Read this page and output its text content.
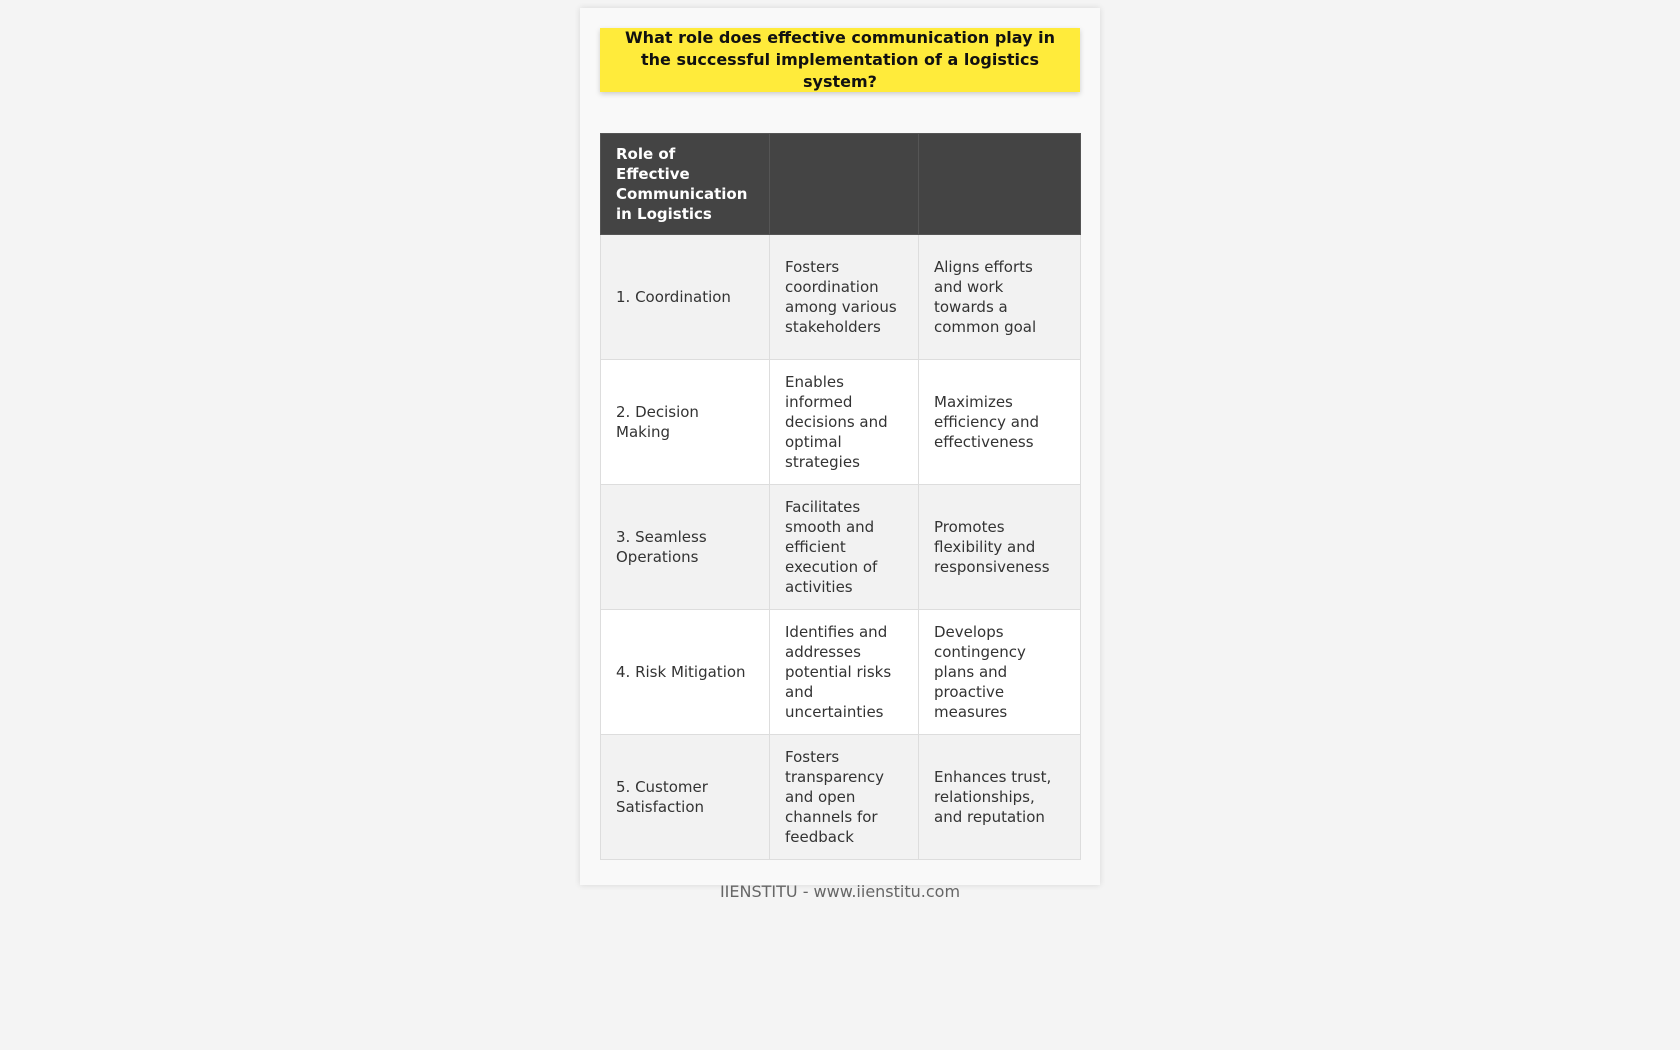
What role does effective communication play in the successful implementation of a logistics system?
Role of Effective Communication in Logistics		
1. Coordination	Fosters coordination among various stakeholders	Aligns efforts and work towards a common goal
2. Decision Making	Enables informed decisions and optimal strategies	Maximizes efficiency and effectiveness
3. Seamless Operations	Facilitates smooth and efficient execution of activities	Promotes flexibility and responsiveness
4. Risk Mitigation	Identifies and addresses potential risks and uncertainties	Develops contingency plans and proactive measures
5. Customer Satisfaction	Fosters transparency and open channels for feedback	Enhances trust, relationships, and reputation
IIENSTITU - www.iienstitu.com
